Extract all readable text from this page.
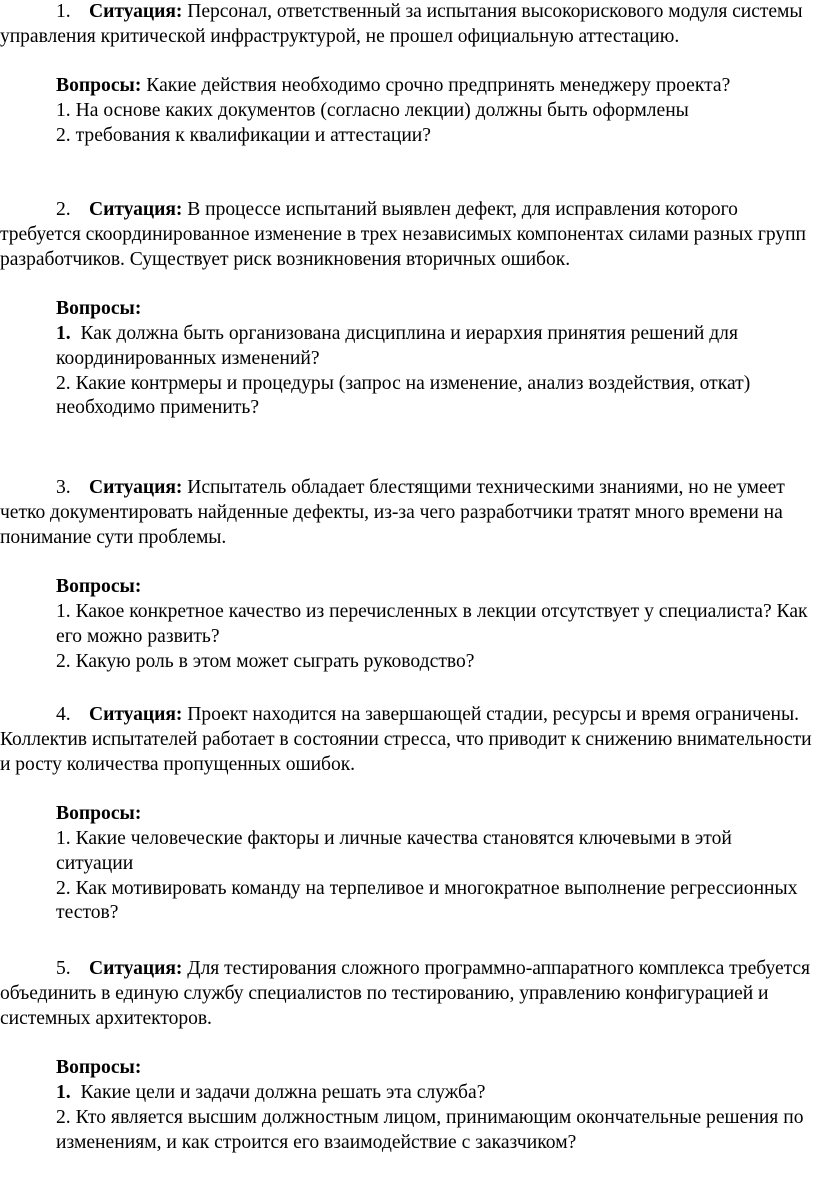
1. Ситуация: Персонал, ответственный за испытания высокорискового модуля системы управления критической инфраструктурой, не прошел официальную аттестацию.

Вопросы: Какие действия необходимо срочно предпринять менеджеру проекта?

1. На основе каких документов (согласно лекции) должны быть оформлены

2. требования к квалификации и аттестации?

2. Ситуация: В процессе испытаний выявлен дефект, для исправления которого требуется скоординированное изменение в трех независимых компонентах силами разных групп разработчиков. Существует риск возникновения вторичных ошибок.

Вопросы:

1. Как должна быть организована дисциплина и иерархия принятия решений для координированных изменений?

2. Какие контрмеры и процедуры (запрос на изменение, анализ воздействия, откат) необходимо применить?

3. Ситуация: Испытатель обладает блестящими техническими знаниями, но не умеет четко документировать найденные дефекты, из-за чего разработчики тратят много времени на понимание сути проблемы.

Вопросы:

1. Какое конкретное качество из перечисленных в лекции отсутствует у специалиста? Как его можно развить?

2. Какую роль в этом может сыграть руководство?

4. Ситуация: Проект находится на завершающей стадии, ресурсы и время ограничены. Коллектив испытателей работает в состоянии стресса, что приводит к снижению внимательности и росту количества пропущенных ошибок.

Вопросы:

1. Какие человеческие факторы и личные качества становятся ключевыми в этой ситуации

2. Как мотивировать команду на терпеливое и многократное выполнение регрессионных тестов?

5. Ситуация: Для тестирования сложного программно-аппаратного комплекса требуется объединить в единую службу специалистов по тестированию, управлению конфигурацией и системных архитекторов.

Вопросы:

1. Какие цели и задачи должна решать эта служба?

2. Кто является высшим должностным лицом, принимающим окончательные решения по изменениям, и как строится его взаимодействие с заказчиком?
